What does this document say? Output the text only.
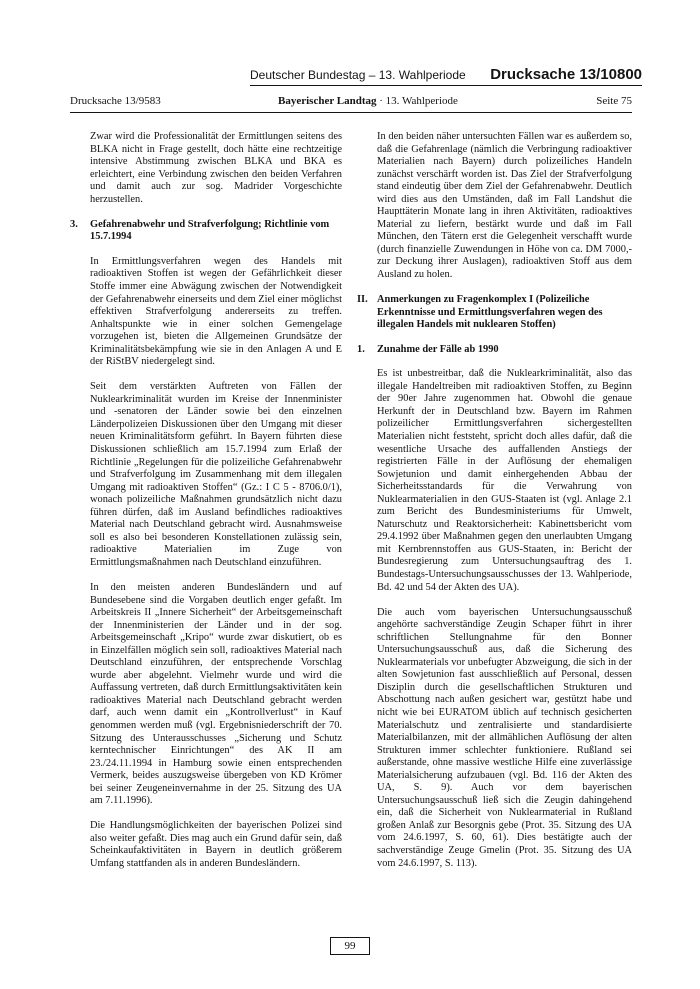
Deutscher Bundestag – 13. Wahlperiode Drucksache 13/10800
Drucksache 13/9583	Bayerischer Landtag · 13. Wahlperiode	Seite 75

Zwar wird die Professionalität der Ermittlungen seitens des BLKA nicht in Frage gestellt, doch hätte eine rechtzeitige intensive Abstimmung zwischen BLKA und BKA es erleichtert, eine Verbindung zwischen den beiden Verfahren und damit auch zur sog. Madrider Vorgeschichte herzustellen.

3. Gefahrenabwehr und Strafverfolgung; Richtlinie vom 15.7.1994

In Ermittlungsverfahren wegen des Handels mit radioaktiven Stoffen ist wegen der Gefährlichkeit dieser Stoffe immer eine Abwägung zwischen der Notwendigkeit der Gefahrenabwehr einerseits und dem Ziel einer möglichst effektiven Strafverfolgung andererseits zu treffen. Anhaltspunkte wie in einer solchen Gemengelage vorzugehen ist, bieten die Allgemeinen Grundsätze der Kriminalitätsbekämpfung wie sie in den Anlagen A und E der RiStBV niedergelegt sind.

Seit dem verstärkten Auftreten von Fällen der Nuklearkriminalität wurden im Kreise der Innenminister und -senatoren der Länder sowie bei den einzelnen Länderpolizeien Diskussionen über den Umgang mit dieser neuen Kriminalitätsform geführt. In Bayern führten diese Diskussionen schließlich am 15.7.1994 zum Erlaß der Richtlinie „Regelungen für die polizeiliche Gefahrenabwehr und Strafverfolgung im Zusammenhang mit dem illegalen Umgang mit radioaktiven Stoffen“ (Gz.: I C 5 - 8706.0/1), wonach polizeiliche Maßnahmen grundsätzlich nicht dazu führen dürfen, daß im Ausland befindliches radioaktives Material nach Deutschland gebracht wird. Ausnahmsweise soll es also bei besonderen Konstellationen zulässig sein, radioaktive Materialien im Zuge von Ermittlungsmaßnahmen nach Deutschland einzuführen.

In den meisten anderen Bundesländern und auf Bundesebene sind die Vorgaben deutlich enger gefaßt. Im Arbeitskreis II „Innere Sicherheit“ der Arbeitsgemeinschaft der Innenministerien der Länder und in der sog. Arbeitsgemeinschaft „Kripo“ wurde zwar diskutiert, ob es in Einzelfällen möglich sein soll, radioaktives Material nach Deutschland einzuführen, der entsprechende Vorschlag wurde aber abgelehnt. Vielmehr wurde und wird die Auffassung vertreten, daß durch Ermittlungsaktivitäten kein radioaktives Material nach Deutschland gebracht werden darf, auch wenn damit ein „Kontrollverlust“ in Kauf genommen werden muß (vgl. Ergebnisniederschrift der 70. Sitzung des Unterausschusses „Sicherung und Schutz kerntechnischer Einrichtungen“ des AK II am 23./24.11.1994 in Hamburg sowie einen entsprechenden Vermerk, beides auszugsweise übergeben von KD Krömer bei seiner Zeugeneinvernahme in der 25. Sitzung des UA am 7.11.1996).

Die Handlungsmöglichkeiten der bayerischen Polizei sind also weiter gefaßt. Dies mag auch ein Grund dafür sein, daß Scheinkaufaktivitäten in Bayern in deutlich größerem Umfang stattfanden als in anderen Bundesländern.

In den beiden näher untersuchten Fällen war es außerdem so, daß die Gefahrenlage (nämlich die Verbringung radioaktiver Materialien nach Bayern) durch polizeiliches Handeln zunächst verschärft worden ist. Das Ziel der Strafverfolgung stand eindeutig über dem Ziel der Gefahrenabwehr. Deutlich wird dies aus den Umständen, daß im Fall Landshut die Haupttäterin Monate lang in ihren Aktivitäten, radioaktives Material zu liefern, bestärkt wurde und daß im Fall München, den Tätern erst die Gelegenheit verschafft wurde (durch finanzielle Zuwendungen in Höhe von ca. DM 7000,- zur Deckung ihrer Auslagen), radioaktiven Stoff aus dem Ausland zu holen.

II. Anmerkungen zu Fragenkomplex I (Polizeiliche Erkenntnisse und Ermittlungsverfahren wegen des illegalen Handels mit nuklearen Stoffen)
1. Zunahme der Fälle ab 1990

Es ist unbestreitbar, daß die Nuklearkriminalität, also das illegale Handeltreiben mit radioaktiven Stoffen, zu Beginn der 90er Jahre zugenommen hat. Obwohl die genaue Herkunft der in Deutschland bzw. Bayern im Rahmen polizeilicher Ermittlungsverfahren sichergestellten Materialien nicht feststeht, spricht doch alles dafür, daß die wesentliche Ursache des auffallenden Anstiegs der registrierten Fälle in der Auflösung der ehemaligen Sowjetunion und damit einhergehenden Abbau der Sicherheitsstandards für die Verwahrung von Nuklearmaterialien in den GUS-Staaten ist (vgl. Anlage 2.1 zum Bericht des Bundesministeriums für Umwelt, Naturschutz und Reaktorsicherheit: Kabinettsbericht vom 29.4.1992 über Maßnahmen gegen den unerlaubten Umgang mit Kernbrennstoffen aus GUS-Staaten, in: Bericht der Bundesregierung zum Untersuchungsauftrag des 1. Bundestags-Untersuchungsausschusses der 13. Wahlperiode, Bd. 42 und 54 der Akten des UA).

Die auch vom bayerischen Untersuchungsausschuß angehörte sachverständige Zeugin Schaper führt in ihrer schriftlichen Stellungnahme für den Bonner Untersuchungsausschuß aus, daß die Sicherung des Nuklearmaterials vor unbefugter Abzweigung, die sich in der alten Sowjetunion fast ausschließlich auf Personal, dessen Disziplin durch die gesellschaftlichen Strukturen und Abschottung nach außen gesichert war, gestützt habe und nicht wie bei EURATOM üblich auf technisch gesicherten Materialschutz und zentralisierte und standardisierte Materialbilanzen, mit der allmählichen Auflösung der alten Strukturen immer schlechter funktioniere. Rußland sei außerstande, ohne massive westliche Hilfe eine zuverlässige Materialsicherung aufzubauen (vgl. Bd. 116 der Akten des UA, S. 9). Auch vor dem bayerischen Untersuchungsausschuß ließ sich die Zeugin dahingehend ein, daß die Sicherheit von Nuklearmaterial in Rußland großen Anlaß zur Besorgnis gebe (Prot. 35. Sitzung des UA vom 24.6.1997, S. 60, 61). Dies bestätigte auch der sachverständige Zeuge Gmelin (Prot. 35. Sitzung des UA vom 24.6.1997, S. 113).

99
